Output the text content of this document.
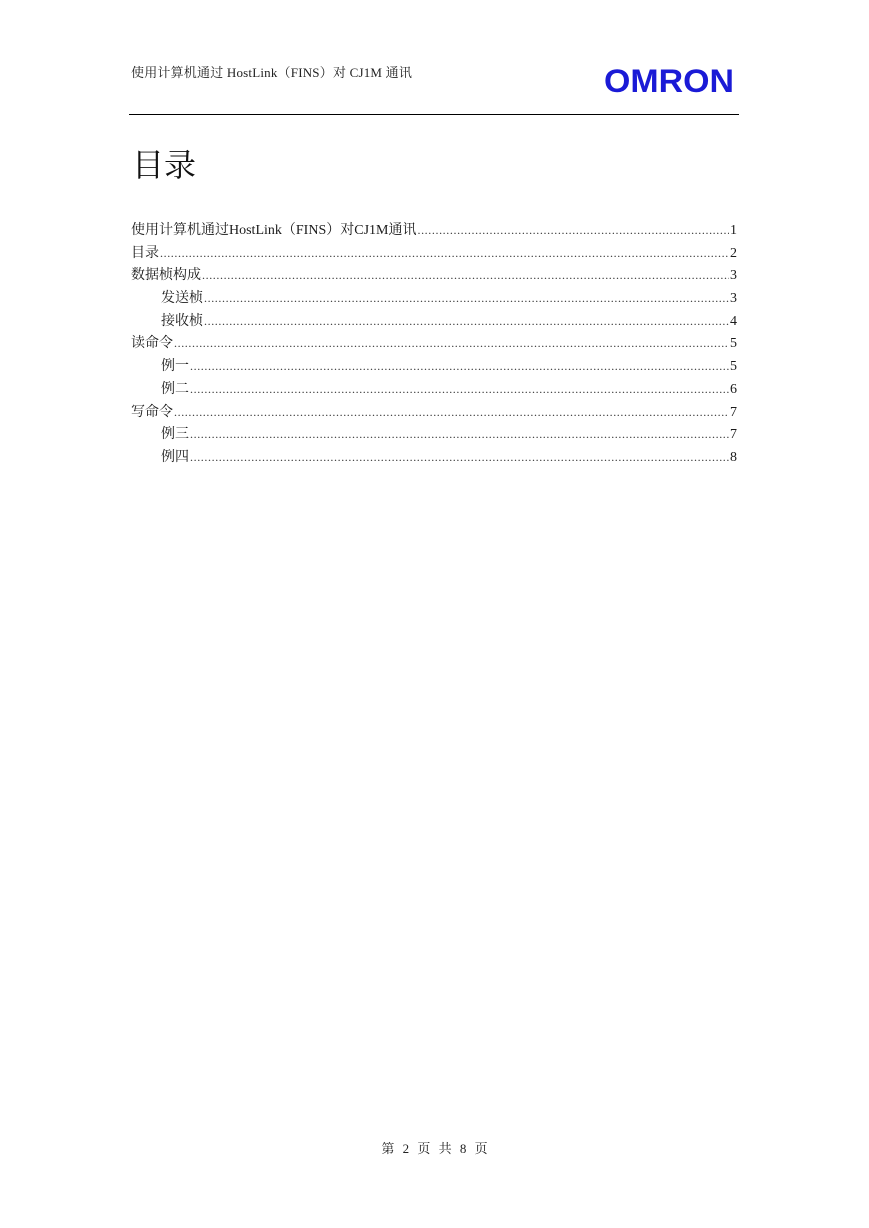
使用计算机通过 HostLink（FINS）对 CJ1M 通讯	OMRON
目录
使用计算机通过HostLink（FINS）对CJ1M通讯 .....	1
目录 .....	2
数据桢构成 .....	3
发送桢 .....	3
接收桢 .....	4
读命令 .....	5
例一 .....	5
例二 .....	6
写命令 .....	7
例三 .....	7
例四 .....	8
第 2 页 共 8 页
